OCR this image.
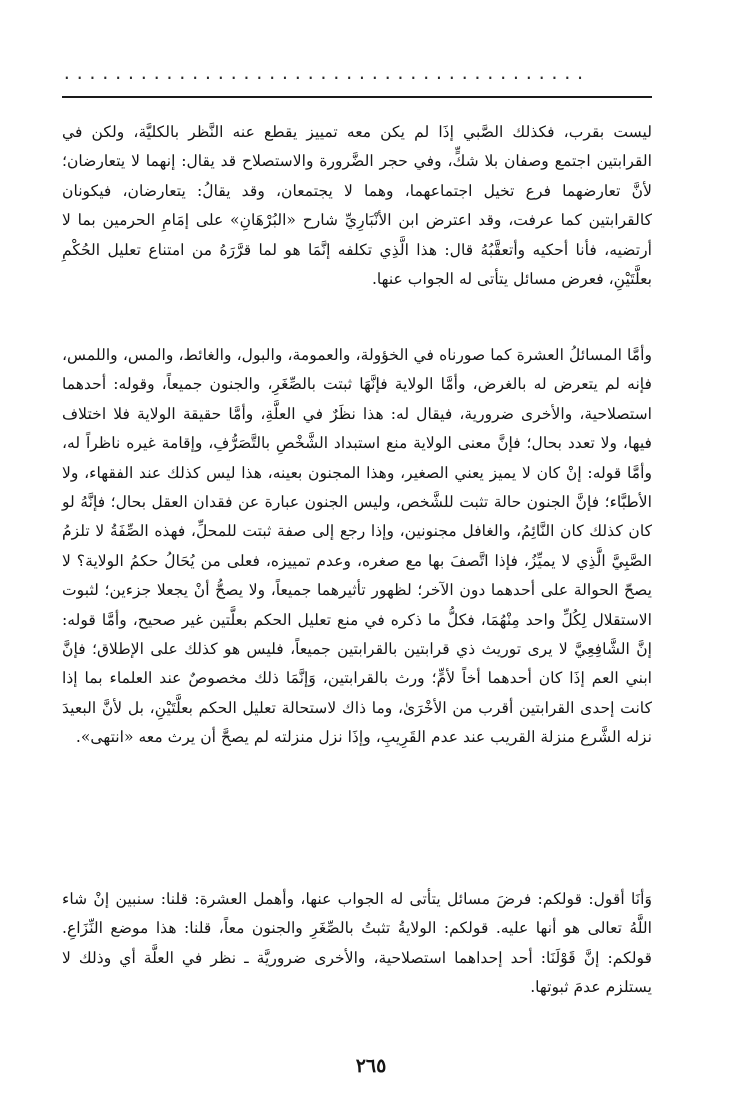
.........................................

ليست بقرب، فكذلك الصَّبي إذَا لم يكن معه تمييز يقطع عنه النَّظر بالكليَّة، ولكن في القرابتين اجتمع وصفان بلا شكٍّ، وفي حجر الضَّرورة والاستصلاح قد يقال: إنهما لا يتعارضان؛ لأنَّ تعارضهما فرع تخيل اجتماعهما، وهما لا يجتمعان، وقد يقالُ: يتعارضان، فيكونان كالقرابتين كما عرفت، وقد اعترض ابن الأنْبَارِيِّ شارح «البُرْهَانِ» على إمَامِ الحرمين بما لا أرتضيه، فأنا أحكيه وأتعقَّبُهُ قال: هذا الَّذِي تكلفه إنَّمَا هو لما قرَّرَهُ من امتناع تعليل الحُكْمِ بعلَّتَيْنِ، فعرض مسائل يتأتى له الجواب عنها.

وأمَّا المسائلُ العشرة كما صورناه في الخؤولة، والعمومة، والبول، والغائط، والمس، واللمس، فإنه لم يتعرض له بالغرض، وأمَّا الولاية فإنَّهَا ثبتت بالصِّغَرِ، والجنون جميعاً، وقوله: أحدهما استصلاحية، والأخرى ضرورية، فيقال له: هذا نظَرٌ في العلَّةِ، وأمَّا حقيقة الولاية فلا اختلاف فيها، ولا تعدد بحال؛ فإنَّ معنى الولاية منع استبداد الشَّخْصِ بالتَّصَرُّفِ، وإقامة غيره ناظراً له، وأمَّا قوله: إنْ كان لا يميز يعني الصغير، وهذا المجنون بعينه، هذا ليس كذلك عند الفقهاء، ولا الأطبَّاء؛ فإنَّ الجنون حالة تثبت للشَّخص، وليس الجنون عبارة عن فقدان العقل بحال؛ فإنَّهُ لو كان كذلك كان النَّائِمُ، والغافل مجنونين، وإذا رجع إلى صفة ثبتت للمحلِّ، فهذه الصِّفَةُ لا تلزمُ الصَّبِيَّ الَّذِي لا يميِّزُ، فإذا اتَّصفَ بها مع صغره، وعدم تمييزه، فعلى من يُحَالُ حكمُ الولاية؟ لا يصحّ الحوالة على أحدهما دون الآخر؛ لظهور تأثيرهما جميعاً، ولا يصحُّ أنْ يجعلا جزءين؛ لثبوت الاستقلال لِكُلِّ واحد مِنْهُمَا، فكلُّ ما ذكره في منع تعليل الحكم بعلَّتين غير صحيح، وأمَّا قوله: إنَّ الشَّافِعِيَّ لا يرى توريث ذي قرابتين بالقرابتين جميعاً، فليس هو كذلك على الإطلاق؛ فإنَّ ابني العم إذَا كان أحدهما أخاً لأمٍّ؛ ورث بالقرابتين، وَإنَّمَا ذلك مخصوصٌ عند العلماء بما إذا كانت إحدى القرابتين أقرب من الأخْرَىٰ، وما ذاك لاستحالة تعليل الحكم بعلَّتَيْنِ، بل لأنَّ البعيدَ نزله الشَّرع منزلة القريب عند عدم القَرِيبِ، وإذَا نزل منزلته لم يصحَّ أن يرث معه «انتهى».

وَأنَا أقول: قولكم: فرضَ مسائل يتأتى له الجواب عنها، وأهمل العشرة: قلنا: سنبين إنْ شاء اللَّهُ تعالى هو أنها عليه. قولكم: الولايةُ تثبتُ بالصِّغَرِ والجنون معاً، قلنا: هذا موضع النِّزَاعِ. قولكم: إنَّ قَوْلَنَا: أحد إحداهما استصلاحية، والأخرى ضروريَّة ـ نظر في العلَّة أي وذلك لا يستلزم عدمَ ثبوتها.

٢٦٥
